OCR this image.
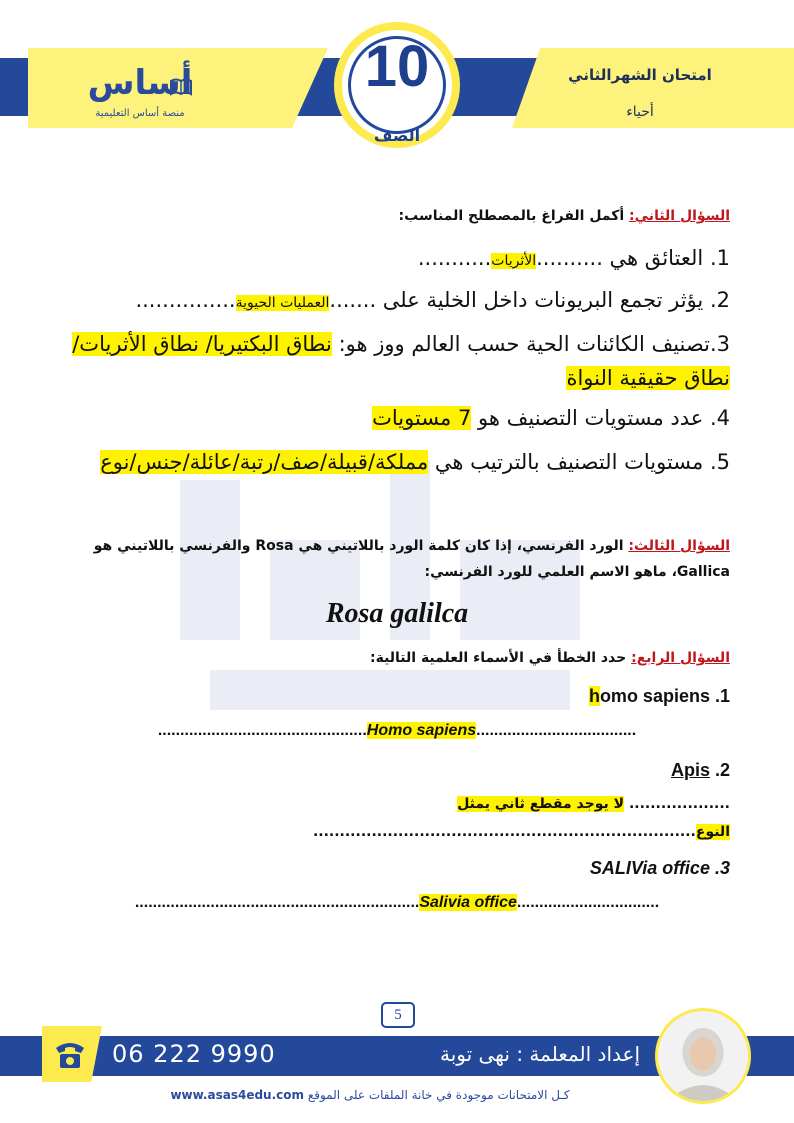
أساس
منصة أساس التعليمية
10
الصف
امتحان الشهرالثاني
أحياء
السؤال الثاني: أكمل الفراغ بالمصطلح المناسب:
1. العتائق هي ..........الأثريات...........
2. يؤثر تجمع البريونات داخل الخلية على .......العمليات الحيوية...............
3.تصنيف الكائنات الحية حسب العالم ووز هو: نطاق البكتيريا/ نطاق الأثريات/
نطاق حقيقية النواة
4. عدد مستويات التصنيف هو 7 مستويات
5. مستويات التصنيف بالترتيب هي مملكة/قبيلة/صف/رتبة/عائلة/جنس/نوع
السؤال الثالث: الورد الفرنسي، إذا كان كلمة الورد باللاتيني هي Rosa والفرنسي باللاتيني هو
Gallica، ماهو الاسم العلمي للورد الفرنسي:
Rosa galilca
السؤال الرابع: حدد الخطأ في الأسماء العلمية التالية:
homo sapiens .1
...............................................Homo sapiens....................................
Apis .2
................... لا يوجد مقطع ثاني يمثل
النوع........................................................................
SALIVia office .3
................................................................Salivia office................................
5
06 222 9990	إعداد المعلمة : نهى توبة
كـل الامتحانات موجودة في خانة الملفات على الموقع www.asas4edu.com
